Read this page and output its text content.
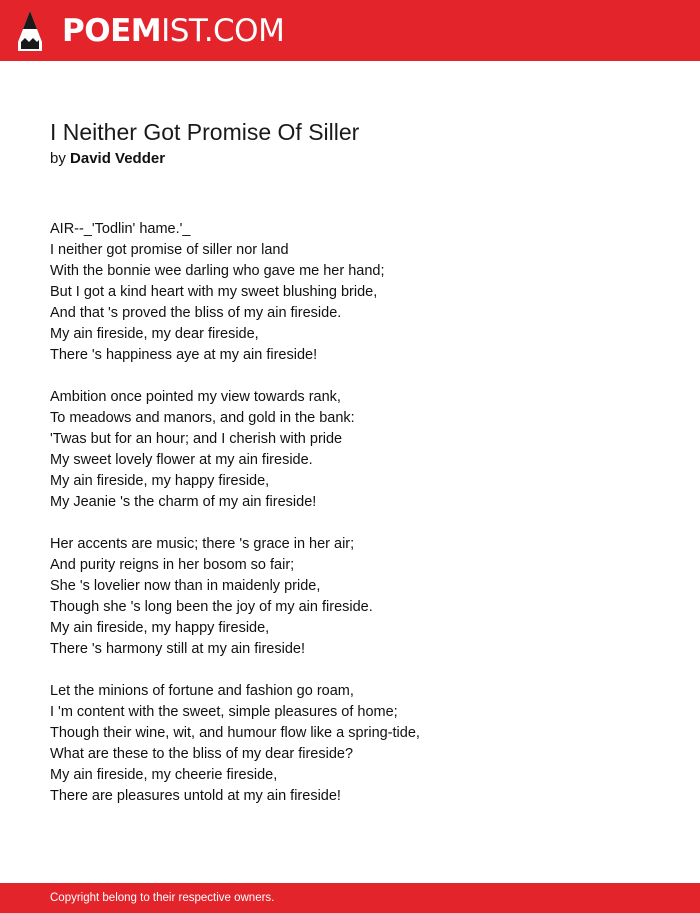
POEMIST.COM
I Neither Got Promise Of Siller
by David Vedder
AIR--_'Todlin' hame.'_
I neither got promise of siller nor land
With the bonnie wee darling who gave me her hand;
But I got a kind heart with my sweet blushing bride,
And that 's proved the bliss of my ain fireside.
My ain fireside, my dear fireside,
There 's happiness aye at my ain fireside!
Ambition once pointed my view towards rank,
To meadows and manors, and gold in the bank:
'Twas but for an hour; and I cherish with pride
My sweet lovely flower at my ain fireside.
My ain fireside, my happy fireside,
My Jeanie 's the charm of my ain fireside!
Her accents are music; there 's grace in her air;
And purity reigns in her bosom so fair;
She 's lovelier now than in maidenly pride,
Though she 's long been the joy of my ain fireside.
My ain fireside, my happy fireside,
There 's harmony still at my ain fireside!
Let the minions of fortune and fashion go roam,
I 'm content with the sweet, simple pleasures of home;
Though their wine, wit, and humour flow like a spring-tide,
What are these to the bliss of my dear fireside?
My ain fireside, my cheerie fireside,
There are pleasures untold at my ain fireside!
Copyright belong to their respective owners.
